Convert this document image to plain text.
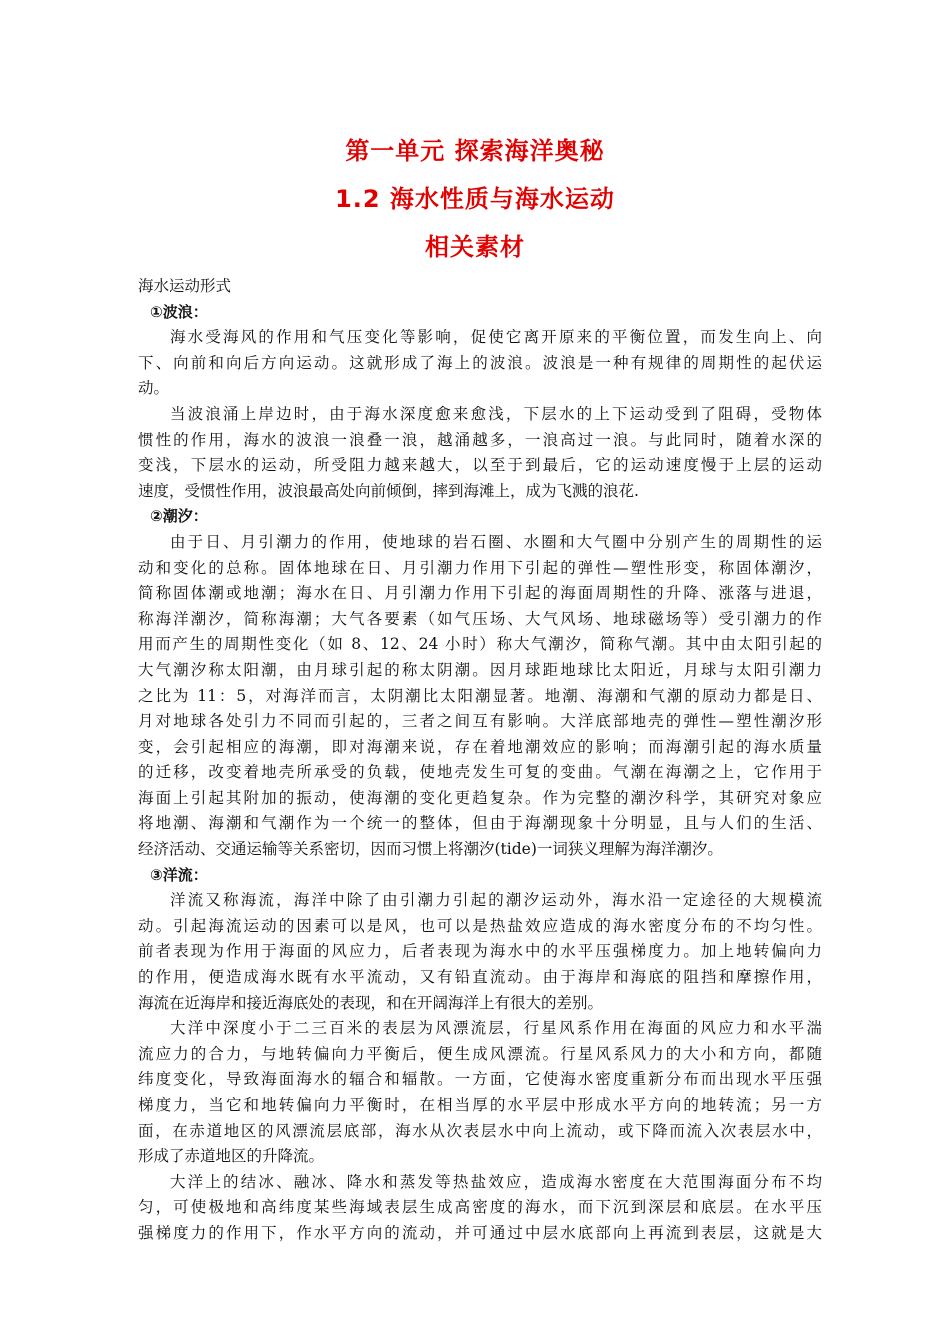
第一单元 探索海洋奥秘
1.2 海水性质与海水运动
相关素材
海水运动形式
①波浪：
海水受海风的作用和气压变化等影响，促使它离开原来的平衡位置，而发生向上、向
下、向前和向后方向运动。这就形成了海上的波浪。波浪是一种有规律的周期性的起伏运
动。
当波浪涌上岸边时，由于海水深度愈来愈浅，下层水的上下运动受到了阻碍，受物体
惯性的作用，海水的波浪一浪叠一浪，越涌越多，一浪高过一浪。与此同时，随着水深的
变浅，下层水的运动，所受阻力越来越大，以至于到最后，它的运动速度慢于上层的运动
速度，受惯性作用，波浪最高处向前倾倒，摔到海滩上，成为飞溅的浪花.
②潮汐：
由于日、月引潮力的作用，使地球的岩石圈、水圈和大气圈中分别产生的周期性的运
动和变化的总称。固体地球在日、月引潮力作用下引起的弹性—塑性形变，称固体潮汐，
简称固体潮或地潮；海水在日、月引潮力作用下引起的海面周期性的升降、涨落与进退，
称海洋潮汐，简称海潮；大气各要素（如气压场、大气风场、地球磁场等）受引潮力的作
用而产生的周期性变化（如 8、12、24 小时）称大气潮汐，简称气潮。其中由太阳引起的
大气潮汐称太阳潮，由月球引起的称太阴潮。因月球距地球比太阳近，月球与太阳引潮力
之比为 11：5，对海洋而言，太阴潮比太阳潮显著。地潮、海潮和气潮的原动力都是日、
月对地球各处引力不同而引起的，三者之间互有影响。大洋底部地壳的弹性—塑性潮汐形
变，会引起相应的海潮，即对海潮来说，存在着地潮效应的影响；而海潮引起的海水质量
的迁移，改变着地壳所承受的负载，使地壳发生可复的变曲。气潮在海潮之上，它作用于
海面上引起其附加的振动，使海潮的变化更趋复杂。作为完整的潮汐科学，其研究对象应
将地潮、海潮和气潮作为一个统一的整体，但由于海潮现象十分明显，且与人们的生活、
经济活动、交通运输等关系密切，因而习惯上将潮汐(tide)一词狭义理解为海洋潮汐。
③洋流：
洋流又称海流，海洋中除了由引潮力引起的潮汐运动外，海水沿一定途径的大规模流
动。引起海流运动的因素可以是风，也可以是热盐效应造成的海水密度分布的不均匀性。
前者表现为作用于海面的风应力，后者表现为海水中的水平压强梯度力。加上地转偏向力
的作用，便造成海水既有水平流动，又有铅直流动。由于海岸和海底的阻挡和摩擦作用，
海流在近海岸和接近海底处的表现，和在开阔海洋上有很大的差别。
大洋中深度小于二三百米的表层为风漂流层，行星风系作用在海面的风应力和水平湍
流应力的合力，与地转偏向力平衡后，便生成风漂流。行星风系风力的大小和方向，都随
纬度变化，导致海面海水的辐合和辐散。一方面，它使海水密度重新分布而出现水平压强
梯度力，当它和地转偏向力平衡时，在相当厚的水平层中形成水平方向的地转流；另一方
面，在赤道地区的风漂流层底部，海水从次表层水中向上流动，或下降而流入次表层水中，
形成了赤道地区的升降流。
大洋上的结冰、融冰、降水和蒸发等热盐效应，造成海水密度在大范围海面分布不均
匀，可使极地和高纬度某些海域表层生成高密度的海水，而下沉到深层和底层。在水平压
强梯度力的作用下，作水平方向的流动，并可通过中层水底部向上再流到表层，这就是大
